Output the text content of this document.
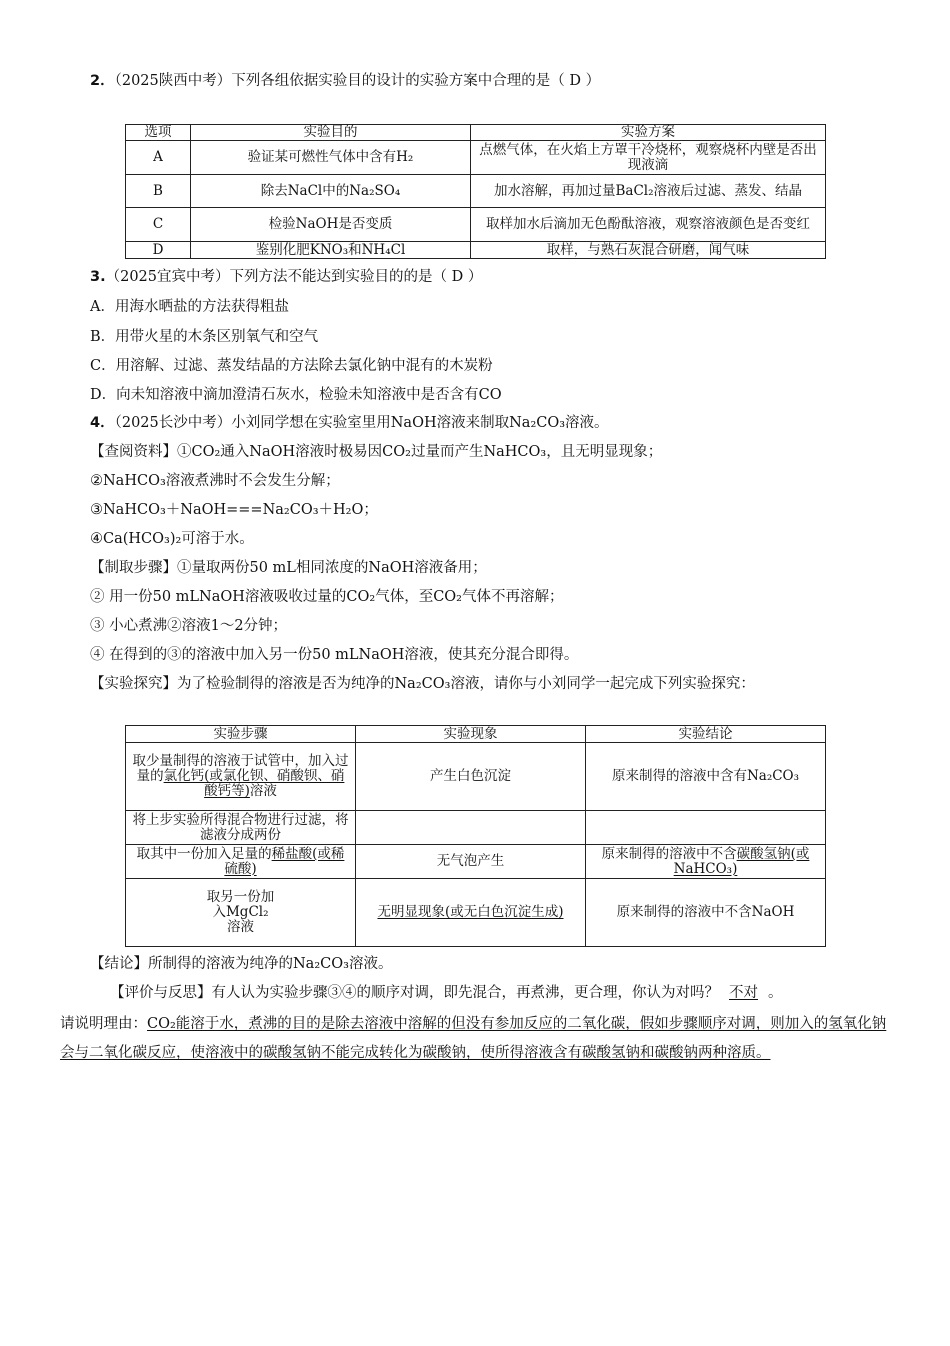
2．（2025陕西中考）下列各组依据实验目的设计的实验方案中合理的是（ D ）
选项	实验目的	实验方案
A	验证某可燃性气体中含有H₂	点燃气体，在火焰上方罩干冷烧杯，观察烧杯内壁是否出现液滴
B	除去NaCl中的Na₂SO₄	加水溶解，再加过量BaCl₂溶液后过滤、蒸发、结晶
C	检验NaOH是否变质	取样加水后滴加无色酚酞溶液，观察溶液颜色是否变红
D	鉴别化肥KNO₃和NH₄Cl	取样，与熟石灰混合研磨，闻气味
3.（2025宜宾中考）下列方法不能达到实验目的的是（ D ）
A．用海水晒盐的方法获得粗盐
B．用带火星的木条区别氧气和空气
C．用溶解、过滤、蒸发结晶的方法除去氯化钠中混有的木炭粉
D．向未知溶液中滴加澄清石灰水，检验未知溶液中是否含有CO
4．（2025长沙中考）小刘同学想在实验室里用NaOH溶液来制取Na₂CO₃溶液。
【查阅资料】①CO₂通入NaOH溶液时极易因CO₂过量而产生NaHCO₃，且无明显现象；
②NaHCO₃溶液煮沸时不会发生分解；
③NaHCO₃＋NaOH===Na₂CO₃＋H₂O；
④Ca(HCO₃)₂可溶于水。
【制取步骤】①量取两份50 mL相同浓度的NaOH溶液备用；
② 用一份50 mLNaOH溶液吸收过量的CO₂气体，至CO₂气体不再溶解；
③ 小心煮沸②溶液1～2分钟；
④ 在得到的③的溶液中加入另一份50 mLNaOH溶液，使其充分混合即得。
【实验探究】为了检验制得的溶液是否为纯净的Na₂CO₃溶液，请你与小刘同学一起完成下列实验探究：
实验步骤	实验现象	实验结论
取少量制得的溶液于试管中，加入过量的氯化钙(或氯化钡、硝酸钡、硝酸钙等)溶液	产生白色沉淀	原来制得的溶液中含有Na₂CO₃
将上步实验所得混合物进行过滤，将滤液分成两份		
取其中一份加入足量的稀盐酸(或稀硫酸)	无气泡产生	原来制得的溶液中不含碳酸氢钠(或NaHCO₃)
取另一份加入MgCl₂溶液	无明显现象(或无白色沉淀生成)	原来制得的溶液中不含NaOH
【结论】所制得的溶液为纯净的Na₂CO₃溶液。
【评价与反思】有人认为实验步骤③④的顺序对调，即先混合，再煮沸，更合理，你认为对吗？ 不对 。
请说明理由：CO₂能溶于水，煮沸的目的是除去溶液中溶解的但没有参加反应的二氧化碳，假如步骤顺序对调，则加入的氢氧化钠会与二氧化碳反应，使溶液中的碳酸氢钠不能完成转化为碳酸钠，使所得溶液含有碳酸氢钠和碳酸钠两种溶质。
